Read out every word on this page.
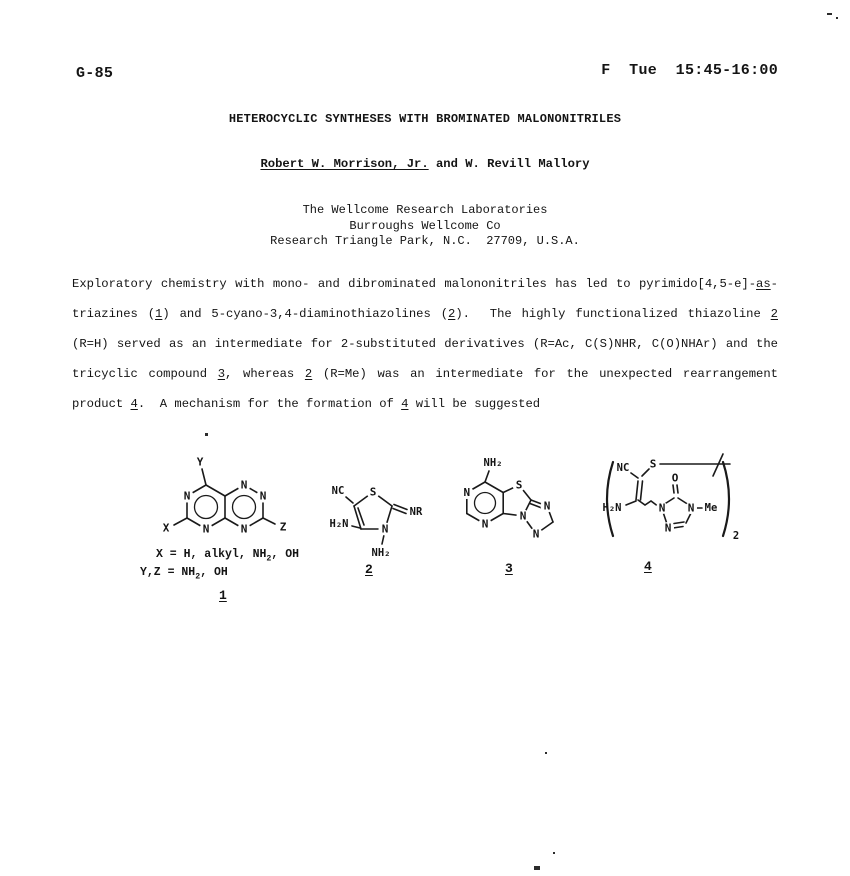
G-85	F  Tue  15:45-16:00
HETEROCYCLIC SYNTHESES WITH BROMINATED MALONONITRILES
Robert W. Morrison, Jr. and W. Revill Mallory
The Wellcome Research Laboratories
Burroughs Wellcome Co
Research Triangle Park, N.C.  27709, U.S.A.
Exploratory chemistry with mono- and dibrominated malononitriles has led to pyrimido[4,5-e]-as-
triazines (1) and 5-cyano-3,4-diaminothiazolines (2).  The highly functionalized thiazoline 2
(R=H) served as an intermediate for 2-substituted derivatives (R=Ac, C(S)NHR, C(O)NHAr) and the
tricyclic compound 3, whereas 2 (R=Me) was an intermediate for the unexpected rearrangement
product 4.  A mechanism for the formation of 4 will be suggested
Y
X	Z
N
N
N
N
N
X = H, alkyl, $NH_2$, OH
$Y,Z = NH_2$, OH
1
NC S
NR
H₂N	N
NH₂
2
NH₂
N
N
S
N
N
N
3
NC S
O
H₂N	N N Me
N
2
4
